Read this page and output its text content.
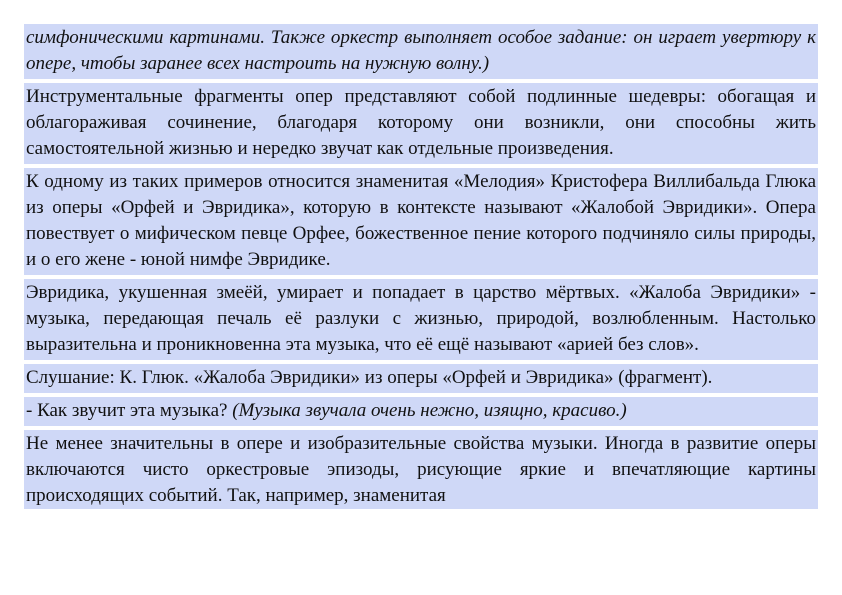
симфоническими картинами. Также оркестр выполняет особое задание: он играет увертюру к опере, чтобы заранее всех настроить на нужную волну.)

Инструментальные фрагменты опер представляют собой подлинные шедевры: обогащая и облагораживая сочинение, благодаря которому они возникли, они способны жить самостоятельной жизнью и нередко звучат как отдельные произведения.

К одному из таких примеров относится знаменитая «Мелодия» Кристофера Виллибальда Глюка из оперы «Орфей и Эвридика», которую в контексте называют «Жалобой Эвридики». Опера повествует о мифическом певце Орфее, божественное пение которого подчиняло силы природы, и о его жене - юной нимфе Эвридике.

Эвридика, укушенная змеёй, умирает и попадает в царство мёртвых. «Жалоба Эвридики» - музыка, передающая печаль её разлуки с жизнью, природой, возлюбленным. Настолько выразительна и проникновенна эта музыка, что её ещё называют «арией без слов».

Слушание: К. Глюк. «Жалоба Эвридики» из оперы «Орфей и Эвридика» (фрагмент).

- Как звучит эта музыка? (Музыка звучала очень нежно, изящно, красиво.)

Не менее значительны в опере и изобразительные свойства музыки. Иногда в развитие оперы включаются чисто оркестровые эпизоды, рисующие яркие и впечатляющие картины происходящих событий. Так, например, знаменитая
